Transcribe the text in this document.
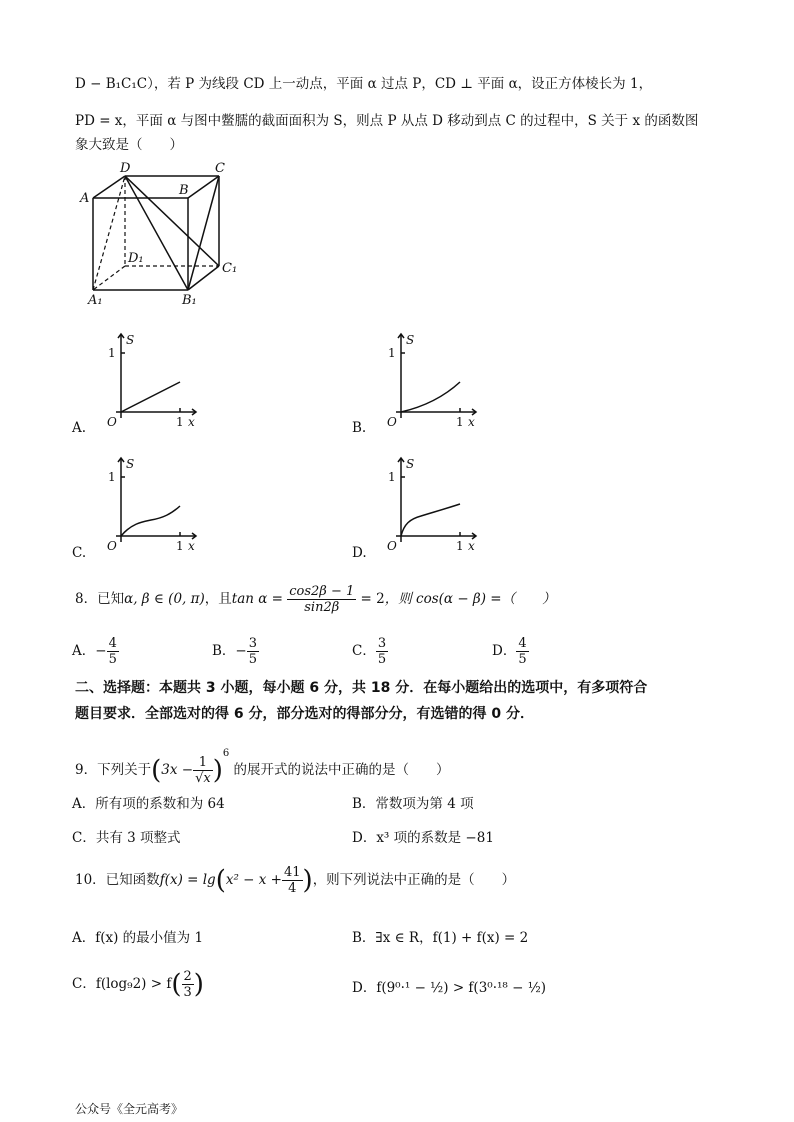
D − B₁C₁C），若 P 为线段 CD 上一动点，平面 α 过点 P，CD ⊥ 平面 α，设正方体棱长为 1，
PD = x，平面 α 与图中鳖臑的截面面积为 S，则点 P 从点 D 移动到点 C 的过程中，S 关于 x 的函数图
象大致是（　　）
D	C
A
B
D₁
C₁
A₁	B₁
A.
S
1
O	1 x	B.
S
1
O	1 x
C.
S
1
O	1 x	D.
S
1
O	1 x
8．已知α, β ∈ (0, π)，且$\tan \alpha = \frac{\cos 2\beta - 1}{\sin 2\beta} = 2$，则 cos(α − β) =（　　）
A．− $\frac{4}{5}$	B．− $\frac{3}{5}$	C． $\frac{3}{5}$	D． $\frac{4}{5}$
二、选择题：本题共 3 小题，每小题 6 分，共 18 分．在每小题给出的选项中，有多项符合
题目要求．全部选对的得 6 分，部分选对的得部分分，有选错的得 0 分．
9．下列关于$(3x - \frac{1}{√x} )^6$ 的展开式的说法中正确的是（　　）
A．所有项的系数和为 64	B．常数项为第 4 项
C．共有 3 项整式	D．x³ 项的系数是 −81
10．已知函数$f(x) = \lg(x^2 - x + \frac{41}{4}$ )，则下列说法中正确的是（　　）
A．f(x) 的最小值为 1	B．∃x ∈ R，f(1) + f(x) = 2
C．$f(\log_92) > f( \frac{2}{3}$ )	D．f(9⁰·¹ − ½) > f(3⁰·¹⁸ − ½)
公众号《全元高考》
